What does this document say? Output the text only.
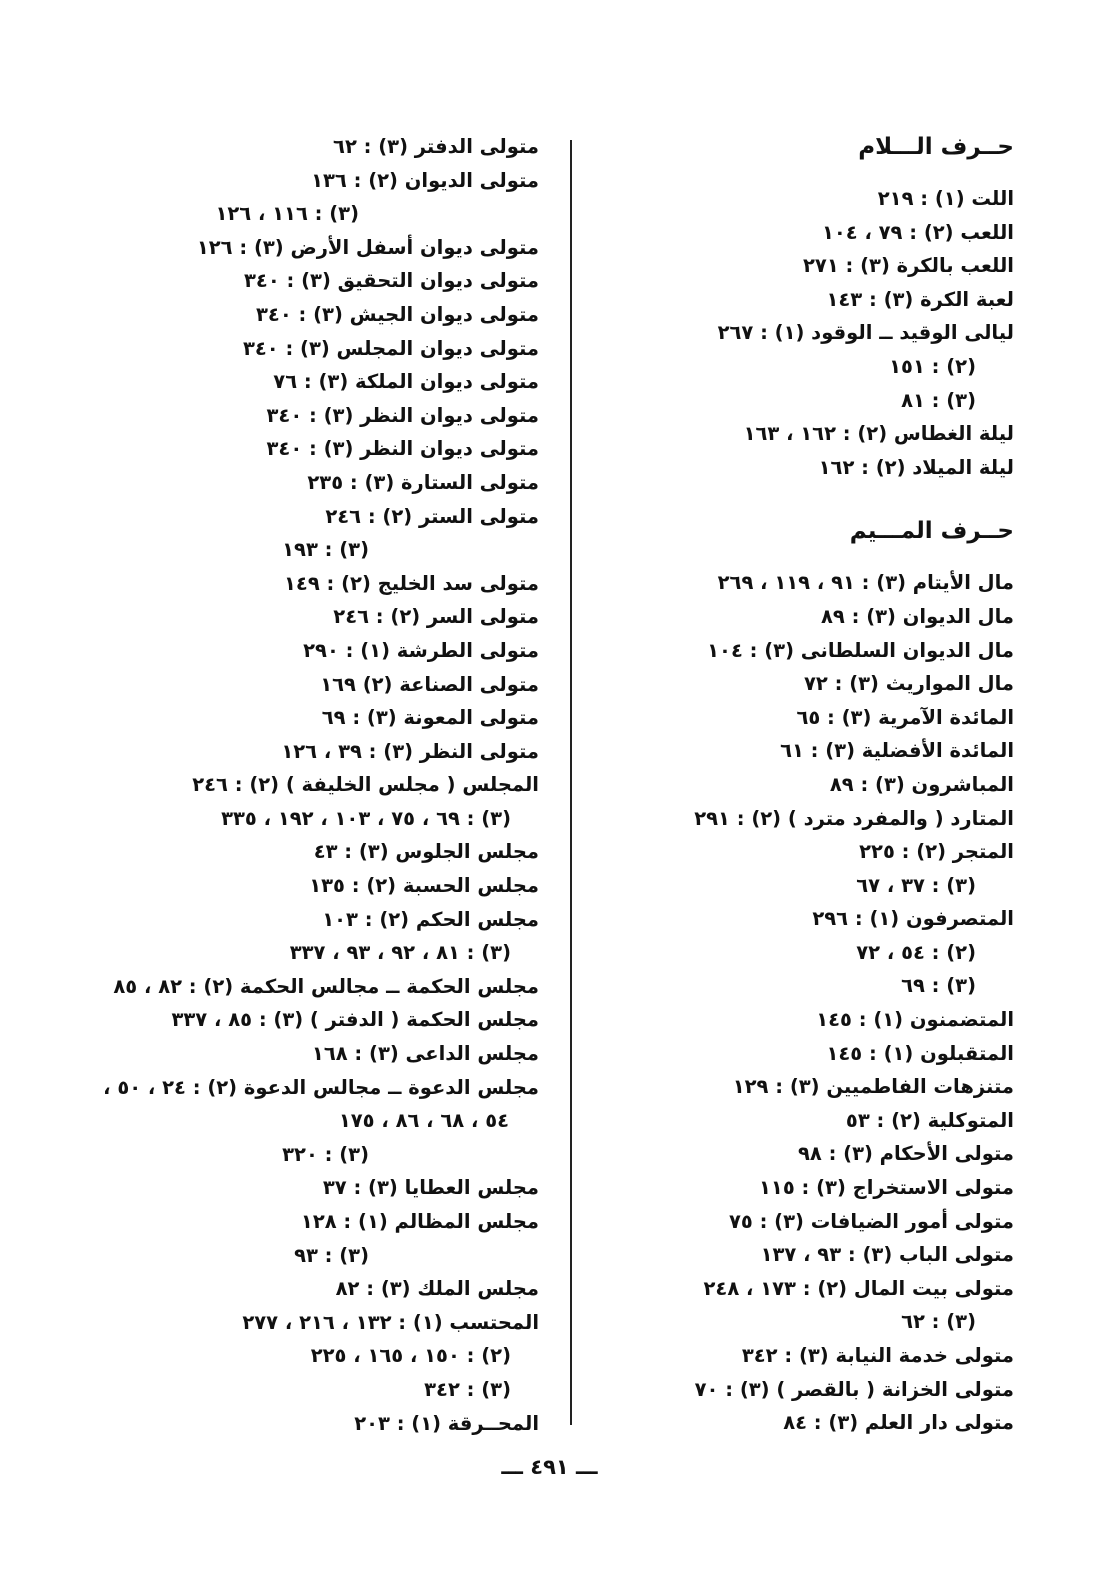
حــرف الـــلام
اللت (١) : ٢١٩
اللعب (٢) : ٧٩ ، ١٠٤
اللعب بالكرة (٣) : ٢٧١
لعبة الكرة (٣) : ١٤٣
ليالى الوقيد ــ الوقود (١) : ٢٦٧
(٢) : ١٥١
(٣) : ٨١
ليلة الغطاس (٢) : ١٦٢ ، ١٦٣
ليلة الميلاد (٢) : ١٦٢
حــرف المـــيم
مال الأيتام (٣) : ٩١ ، ١١٩ ، ٢٦٩
مال الديوان (٣) : ٨٩
مال الديوان السلطانى (٣) : ١٠٤
مال المواريث (٣) : ٧٢
المائدة الآمرية (٣) : ٦٥
المائدة الأفضلية (٣) : ٦١
المباشرون (٣) : ٨٩
المتارد ( والمفرد مترد ) (٢) : ٢٩١
المتجر (٢) : ٢٢٥
(٣) : ٣٧ ، ٦٧
المتصرفون (١) : ٢٩٦
(٢) : ٥٤ ، ٧٢
(٣) : ٦٩
المتضمنون (١) : ١٤٥
المتقبلون (١) : ١٤٥
متنزهات الفاطميين (٣) : ١٢٩
المتوكلية (٢) : ٥٣
متولى الأحكام (٣) : ٩٨
متولى الاستخراج (٣) : ١١٥
متولى أمور الضيافات (٣) : ٧٥
متولى الباب (٣) : ٩٣ ، ١٣٧
متولى بيت المال (٢) : ١٧٣ ، ٢٤٨
(٣) : ٦٢
متولى خدمة النيابة (٣) : ٣٤٢
متولى الخزانة ( بالقصر ) (٣) : ٧٠
متولى دار العلم (٣) : ٨٤
متولى الدفتر (٣) : ٦٢
متولى الديوان (٢) : ١٣٦
(٣) : ١١٦ ، ١٢٦
متولى ديوان أسفل الأرض (٣) : ١٢٦
متولى ديوان التحقيق (٣) : ٣٤٠
متولى ديوان الجيش (٣) : ٣٤٠
متولى ديوان المجلس (٣) : ٣٤٠
متولى ديوان الملكة (٣) : ٧٦
متولى ديوان النظر (٣) : ٣٤٠
متولى ديوان النظر (٣) : ٣٤٠
متولى الستارة (٣) : ٢٣٥
متولى الستر (٢) : ٢٤٦
(٣) : ١٩٣
متولى سد الخليج (٢) : ١٤٩
متولى السر (٢) : ٢٤٦
متولى الطرشة (١) : ٢٩٠
متولى الصناعة (٢) ١٦٩
متولى المعونة (٣) : ٦٩
متولى النظر (٣) : ٣٩ ، ١٢٦
المجلس ( مجلس الخليفة ) (٢) : ٢٤٦
(٣) : ٦٩ ، ٧٥ ، ١٠٣ ، ١٩٢ ، ٣٣٥
مجلس الجلوس (٣) : ٤٣
مجلس الحسبة (٢) : ١٣٥
مجلس الحكم (٢) : ١٠٣
(٣) : ٨١ ، ٩٢ ، ٩٣ ، ٣٣٧
مجلس الحكمة ــ مجالس الحكمة (٢) : ٨٢ ، ٨٥
مجلس الحكمة ( الدفتر ) (٣) : ٨٥ ، ٣٣٧
مجلس الداعى (٣) : ١٦٨
مجلس الدعوة ــ مجالس الدعوة (٢) : ٢٤ ، ٥٠ ،
٥٤ ، ٦٨ ، ٨٦ ، ١٧٥
(٣) : ٣٢٠
مجلس العطايا (٣) : ٣٧
مجلس المظالم (١) : ١٢٨
(٣) : ٩٣
مجلس الملك (٣) : ٨٢
المحتسب (١) : ١٣٢ ، ٢١٦ ، ٢٧٧
(٢) : ١٥٠ ، ١٦٥ ، ٢٢٥
(٣) : ٣٤٢
المحــرقة (١) : ٢٠٣
ـــ ٤٩١ ـــ
